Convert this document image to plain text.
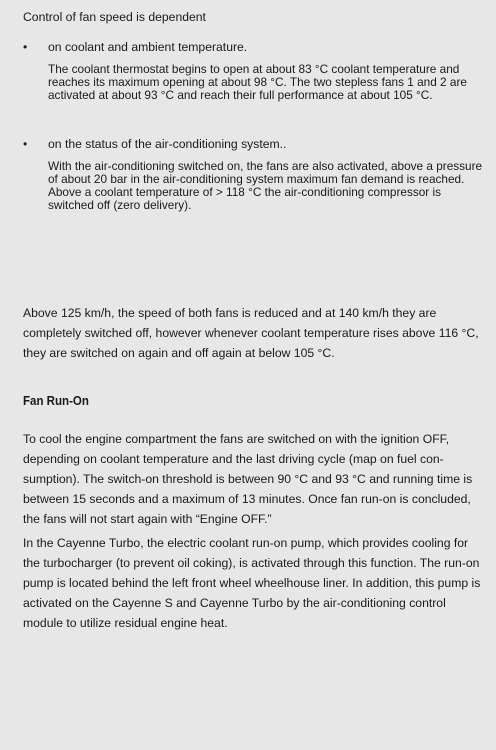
Control of fan speed is dependent

•	on coolant and ambient temperature.

The coolant thermostat begins to open at about 83 °C coolant temperature and reaches its maximum opening at about 98 °C. The two stepless fans 1 and 2 are activated at about 93 °C and reach their full performance at about 105 °C.

•	on the status of the air-conditioning system..

With the air-conditioning switched on, the fans are also activated, above a pressure of about 20 bar in the air-conditioning system maximum fan demand is reached. Above a coolant temperature of > 118 °C the air-conditioning compressor is switched off (zero delivery).

Above 125 km/h, the speed of both fans is reduced and at 140 km/h they are completely switched off, however whenever coolant temperature rises above 116 °C, they are switched on again and off again at below 105 °C.

Fan Run-On

To cool the engine compartment the fans are switched on with the ignition OFF, depending on coolant temperature and the last driving cycle (map on fuel con-sumption). The switch-on threshold is between 90 °C and 93 °C and running time is between 15 seconds and a maximum of 13 minutes. Once fan run-on is concluded, the fans will not start again with “Engine OFF.”

In the Cayenne Turbo, the electric coolant run-on pump, which provides cooling for the turbocharger (to prevent oil coking), is activated through this function. The run-on pump is located behind the left front wheel wheelhouse liner. In addition, this pump is activated on the Cayenne S and Cayenne Turbo by the air-conditioning control module to utilize residual engine heat.
